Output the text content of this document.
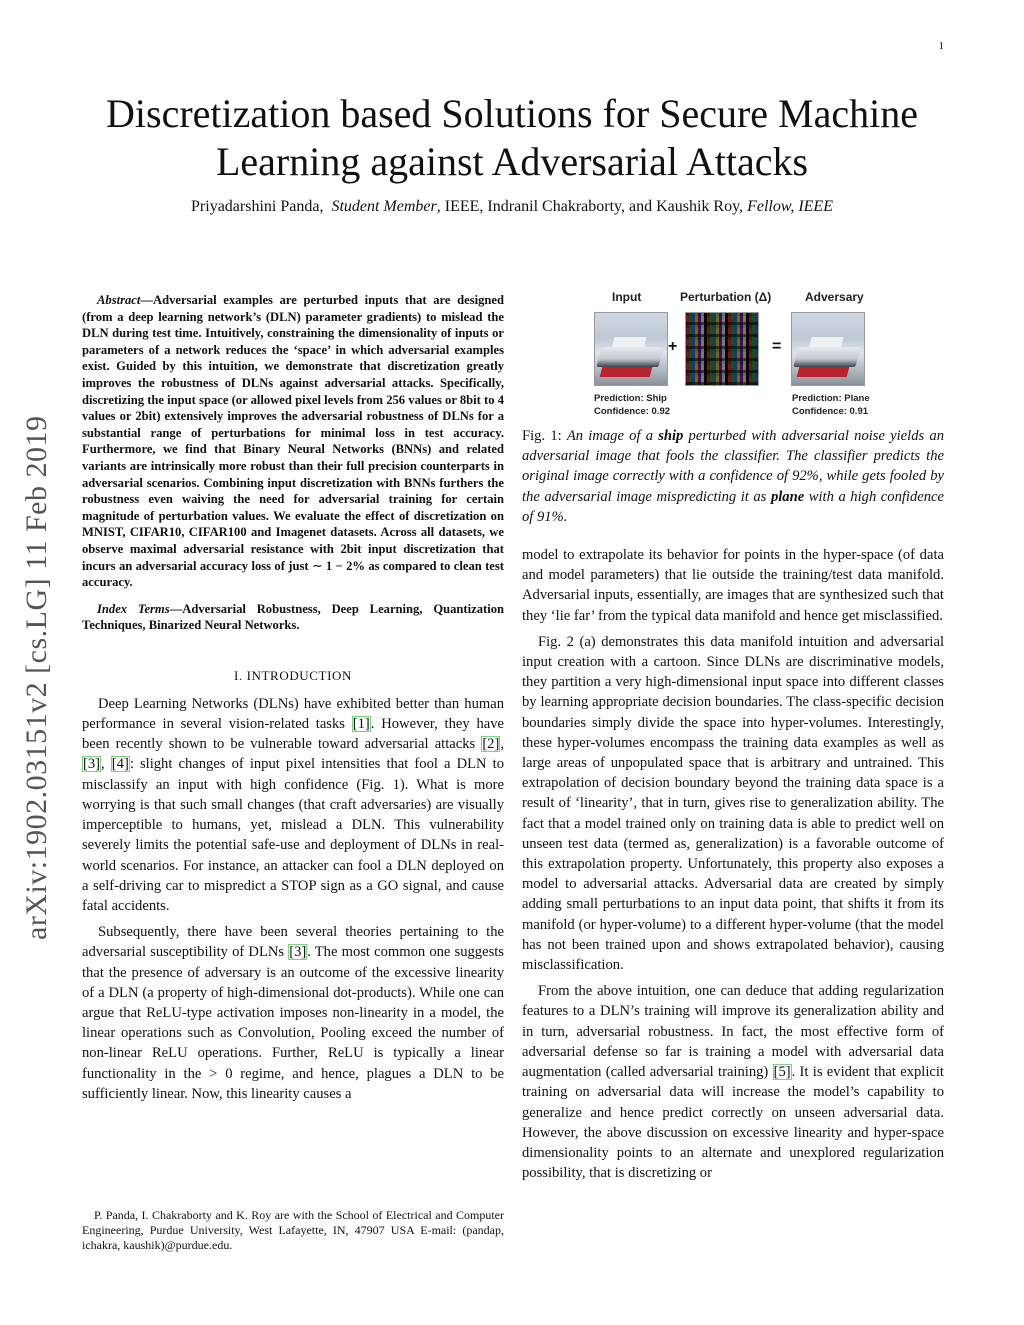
1
arXiv:1902.03151v2 [cs.LG] 11 Feb 2019
Discretization based Solutions for Secure Machine Learning against Adversarial Attacks
Priyadarshini Panda, Student Member, IEEE, Indranil Chakraborty, and Kaushik Roy, Fellow, IEEE

Abstract—Adversarial examples are perturbed inputs that are designed (from a deep learning network’s (DLN) parameter gradients) to mislead the DLN during test time. Intuitively, constraining the dimensionality of inputs or parameters of a network reduces the ‘space’ in which adversarial examples exist. Guided by this intuition, we demonstrate that discretization greatly improves the robustness of DLNs against adversarial attacks. Specifically, discretizing the input space (or allowed pixel levels from 256 values or 8bit to 4 values or 2bit) extensively improves the adversarial robustness of DLNs for a substantial range of perturbations for minimal loss in test accuracy. Furthermore, we find that Binary Neural Networks (BNNs) and related variants are intrinsically more robust than their full precision counterparts in adversarial scenarios. Combining input discretization with BNNs furthers the robustness even waiving the need for adversarial training for certain magnitude of perturbation values. We evaluate the effect of discretization on MNIST, CIFAR10, CIFAR100 and Imagenet datasets. Across all datasets, we observe maximal adversarial resistance with 2bit input discretization that incurs an adversarial accuracy loss of just ∼ 1 − 2% as compared to clean test accuracy.

Index Terms—Adversarial Robustness, Deep Learning, Quantization Techniques, Binarized Neural Networks.

I. INTRODUCTION

Deep Learning Networks (DLNs) have exhibited better than human performance in several vision-related tasks [1]. However, they have been recently shown to be vulnerable toward adversarial attacks [2], [3], [4]: slight changes of input pixel intensities that fool a DLN to misclassify an input with high confidence (Fig. 1). What is more worrying is that such small changes (that craft adversaries) are visually imperceptible to humans, yet, mislead a DLN. This vulnerability severely limits the potential safe-use and deployment of DLNs in real-world scenarios. For instance, an attacker can fool a DLN deployed on a self-driving car to mispredict a STOP sign as a GO signal, and cause fatal accidents.

Subsequently, there have been several theories pertaining to the adversarial susceptibility of DLNs [3]. The most common one suggests that the presence of adversary is an outcome of the excessive linearity of a DLN (a property of high-dimensional dot-products). While one can argue that ReLU-type activation imposes non-linearity in a model, the linear operations such as Convolution, Pooling exceed the number of non-linear ReLU operations. Further, ReLU is typically a linear functionality in the > 0 regime, and hence, plagues a DLN to be sufficiently linear. Now, this linearity causes a

P. Panda, I. Chakraborty and K. Roy are with the School of Electrical and Computer Engineering, Purdue University, West Lafayette, IN, 47907 USA E-mail: (pandap, ichakra, kaushik)@purdue.edu.
Input	Perturbation (Δ)	Adversary
+	=
Prediction: Ship
Confidence: 0.92
Prediction: Plane
Confidence: 0.91

Fig. 1: An image of a ship perturbed with adversarial noise yields an adversarial image that fools the classifier. The classifier predicts the original image correctly with a confidence of 92%, while gets fooled by the adversarial image mispredicting it as plane with a high confidence of 91%.

model to extrapolate its behavior for points in the hyper-space (of data and model parameters) that lie outside the training/test data manifold. Adversarial inputs, essentially, are images that are synthesized such that they ‘lie far’ from the typical data manifold and hence get misclassified.

Fig. 2 (a) demonstrates this data manifold intuition and adversarial input creation with a cartoon. Since DLNs are discriminative models, they partition a very high-dimensional input space into different classes by learning appropriate decision boundaries. The class-specific decision boundaries simply divide the space into hyper-volumes. Interestingly, these hyper-volumes encompass the training data examples as well as large areas of unpopulated space that is arbitrary and untrained. This extrapolation of decision boundary beyond the training data space is a result of ‘linearity’, that in turn, gives rise to generalization ability. The fact that a model trained only on training data is able to predict well on unseen test data (termed as, generalization) is a favorable outcome of this extrapolation property. Unfortunately, this property also exposes a model to adversarial attacks. Adversarial data are created by simply adding small perturbations to an input data point, that shifts it from its manifold (or hyper-volume) to a different hyper-volume (that the model has not been trained upon and shows extrapolated behavior), causing misclassification.

From the above intuition, one can deduce that adding regularization features to a DLN’s training will improve its generalization ability and in turn, adversarial robustness. In fact, the most effective form of adversarial defense so far is training a model with adversarial data augmentation (called adversarial training) [5]. It is evident that explicit training on adversarial data will increase the model’s capability to generalize and hence predict correctly on unseen adversarial data. However, the above discussion on excessive linearity and hyper-space dimensionality points to an alternate and unexplored regularization possibility, that is discretizing or
